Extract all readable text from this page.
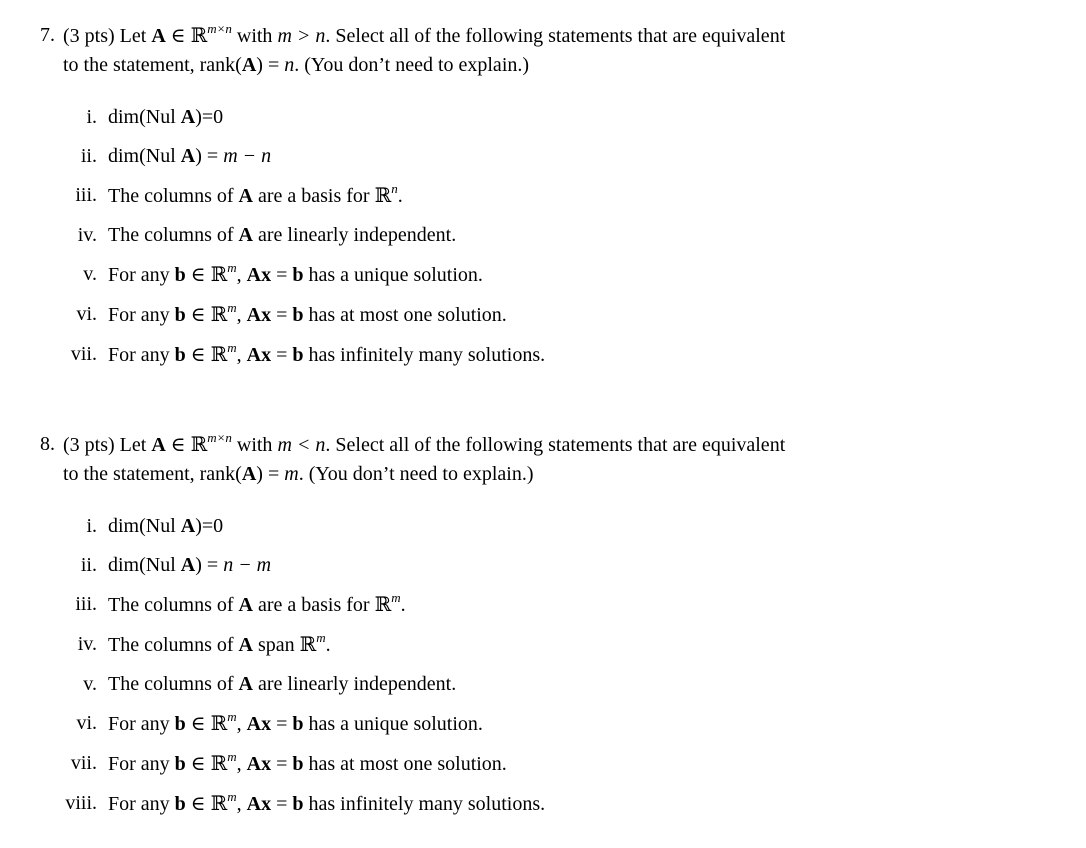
7. (3 pts) Let A ∈ ℝ$^{m\times n}$ with m > n. Select all of the following statements that are equivalent
to the statement, rank(A) = n. (You don’t need to explain.)
i. dim(Nul A)=0
ii. dim(Nul A) = m − n
iii. The columns of A are a basis for ℝ$^n$.
iv. The columns of A are linearly independent.
v. For any b ∈ ℝ$^m$, Ax = b has a unique solution.
vi. For any b ∈ ℝ$^m$, Ax = b has at most one solution.
vii. For any b ∈ ℝ$^m$, Ax = b has infinitely many solutions.
8. (3 pts) Let A ∈ ℝ$^{m\times n}$ with m < n. Select all of the following statements that are equivalent
to the statement, rank(A) = m. (You don’t need to explain.)
i. dim(Nul A)=0
ii. dim(Nul A) = n − m
iii. The columns of A are a basis for ℝ$^m$.
iv. The columns of A span ℝ$^m$.
v. The columns of A are linearly independent.
vi. For any b ∈ ℝ$^m$, Ax = b has a unique solution.
vii. For any b ∈ ℝ$^m$, Ax = b has at most one solution.
viii. For any b ∈ ℝ$^m$, Ax = b has infinitely many solutions.
